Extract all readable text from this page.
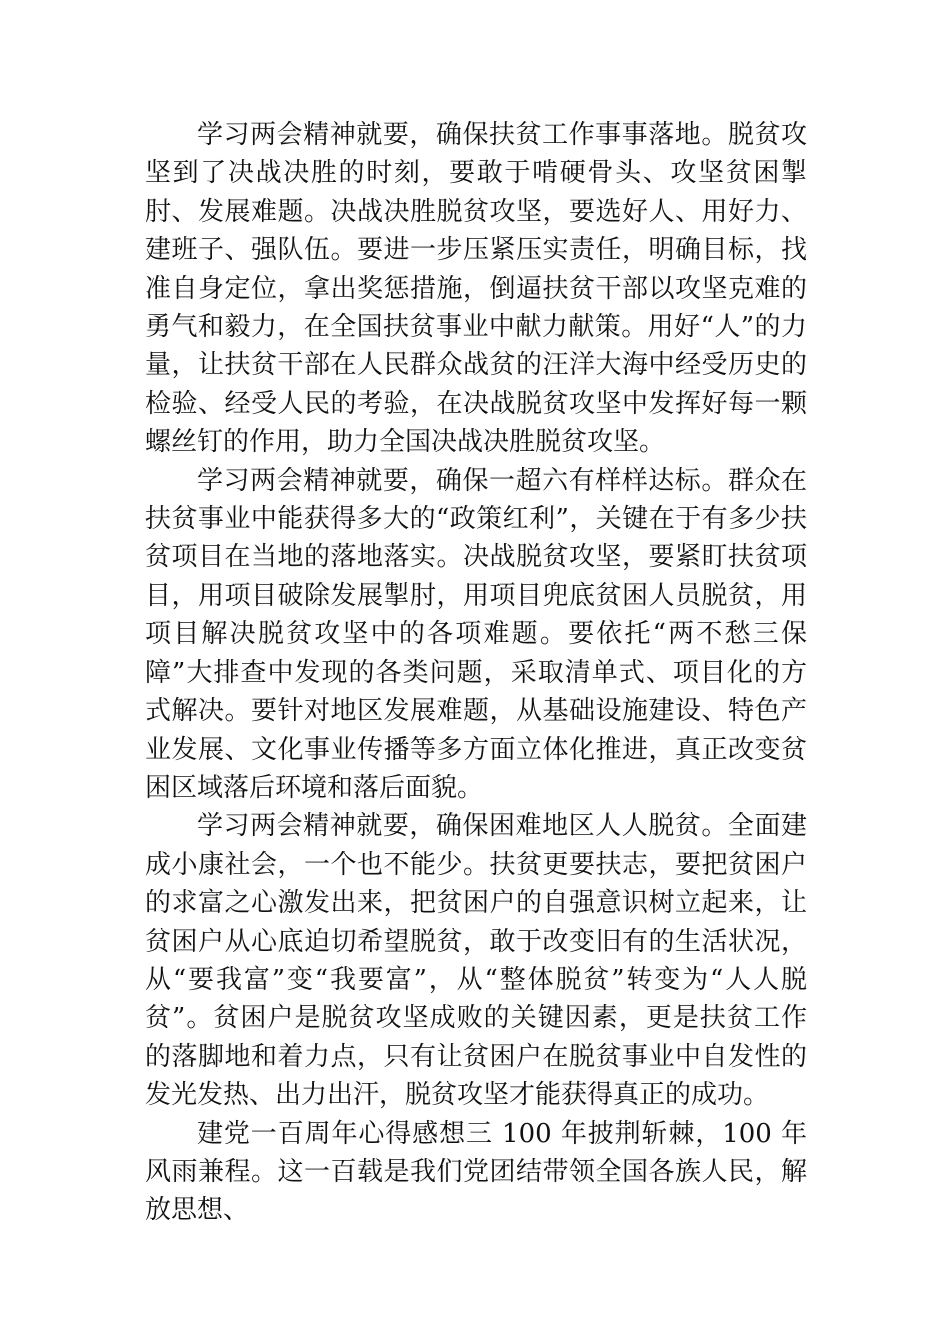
学习两会精神就要，确保扶贫工作事事落地。脱贫攻坚到了决战决胜的时刻，要敢于啃硬骨头、攻坚贫困掣肘、发展难题。决战决胜脱贫攻坚，要选好人、用好力、建班子、强队伍。要进一步压紧压实责任，明确目标，找准自身定位，拿出奖惩措施，倒逼扶贫干部以攻坚克难的勇气和毅力，在全国扶贫事业中献力献策。用好“人”的力量，让扶贫干部在人民群众战贫的汪洋大海中经受历史的检验、经受人民的考验，在决战脱贫攻坚中发挥好每一颗螺丝钉的作用，助力全国决战决胜脱贫攻坚。

学习两会精神就要，确保一超六有样样达标。群众在扶贫事业中能获得多大的“政策红利”，关键在于有多少扶贫项目在当地的落地落实。决战脱贫攻坚，要紧盯扶贫项目，用项目破除发展掣肘，用项目兜底贫困人员脱贫，用项目解决脱贫攻坚中的各项难题。要依托“两不愁三保障”大排查中发现的各类问题，采取清单式、项目化的方式解决。要针对地区发展难题，从基础设施建设、特色产业发展、文化事业传播等多方面立体化推进，真正改变贫困区域落后环境和落后面貌。

学习两会精神就要，确保困难地区人人脱贫。全面建成小康社会，一个也不能少。扶贫更要扶志，要把贫困户的求富之心激发出来，把贫困户的自强意识树立起来，让贫困户从心底迫切希望脱贫，敢于改变旧有的生活状况，从“要我富”变“我要富”，从“整体脱贫”转变为“人人脱贫”。贫困户是脱贫攻坚成败的关键因素，更是扶贫工作的落脚地和着力点，只有让贫困户在脱贫事业中自发性的发光发热、出力出汗，脱贫攻坚才能获得真正的成功。

建党一百周年心得感想三 100 年披荆斩棘，100 年风雨兼程。这一百载是我们党团结带领全国各族人民，解放思想、
